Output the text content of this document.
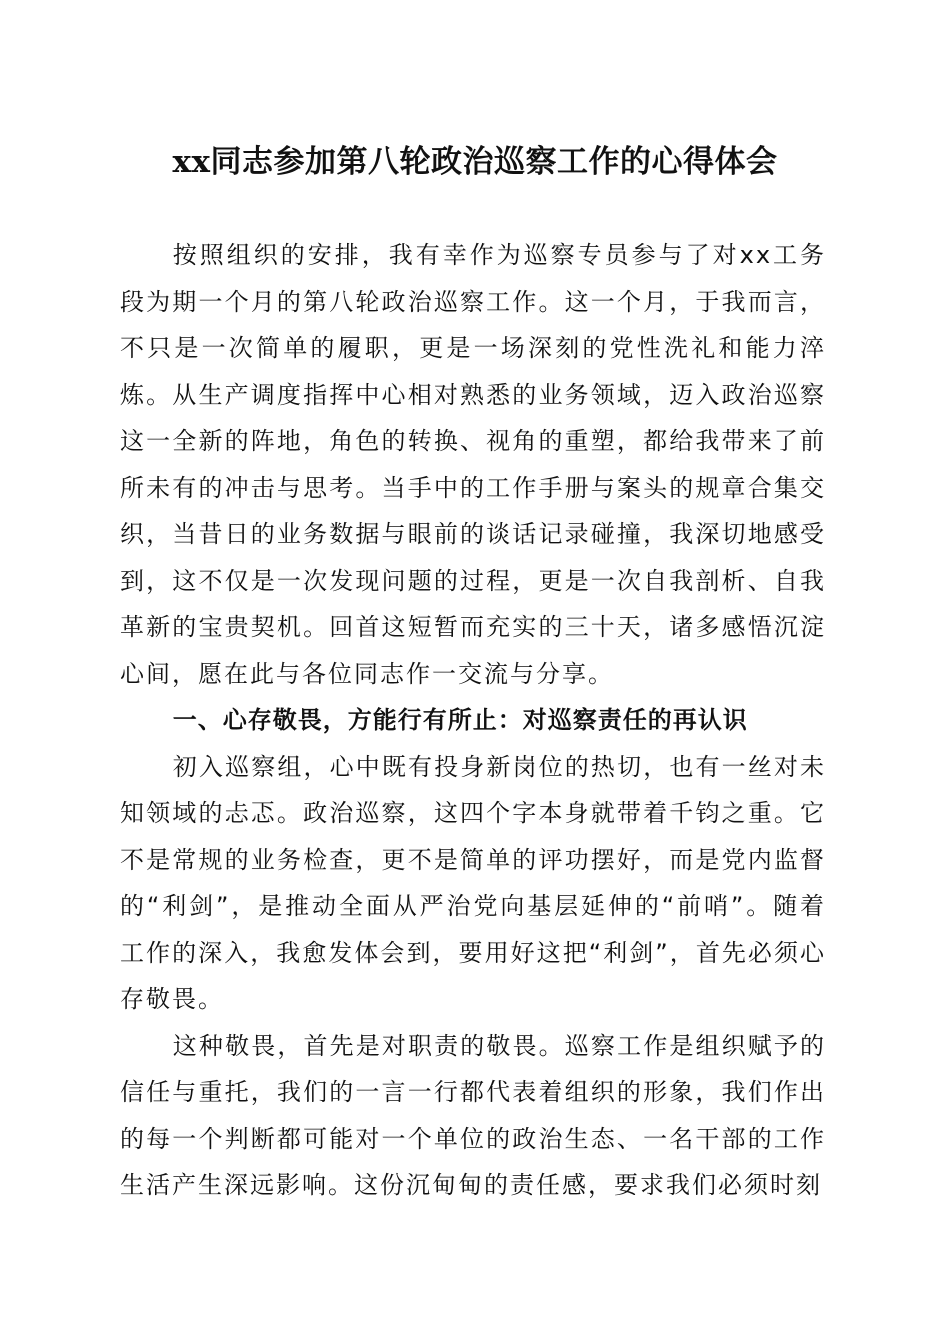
xx同志参加第八轮政治巡察工作的心得体会

按照组织的安排，我有幸作为巡察专员参与了对xx工务段为期一个月的第八轮政治巡察工作。这一个月，于我而言，不只是一次简单的履职，更是一场深刻的党性洗礼和能力淬炼。从生产调度指挥中心相对熟悉的业务领域，迈入政治巡察这一全新的阵地，角色的转换、视角的重塑，都给我带来了前所未有的冲击与思考。当手中的工作手册与案头的规章合集交织，当昔日的业务数据与眼前的谈话记录碰撞，我深切地感受到，这不仅是一次发现问题的过程，更是一次自我剖析、自我革新的宝贵契机。回首这短暂而充实的三十天，诸多感悟沉淀心间，愿在此与各位同志作一交流与分享。

一、心存敬畏，方能行有所止：对巡察责任的再认识

初入巡察组，心中既有投身新岗位的热切，也有一丝对未知领域的忐忑。政治巡察，这四个字本身就带着千钧之重。它不是常规的业务检查，更不是简单的评功摆好，而是党内监督的“利剑”，是推动全面从严治党向基层延伸的“前哨”。随着工作的深入，我愈发体会到，要用好这把“利剑”，首先必须心存敬畏。

这种敬畏，首先是对职责的敬畏。巡察工作是组织赋予的信任与重托，我们的一言一行都代表着组织的形象，我们作出的每一个判断都可能对一个单位的政治生态、一名干部的工作生活产生深远影响。这份沉甸甸的责任感，要求我们必须时刻
